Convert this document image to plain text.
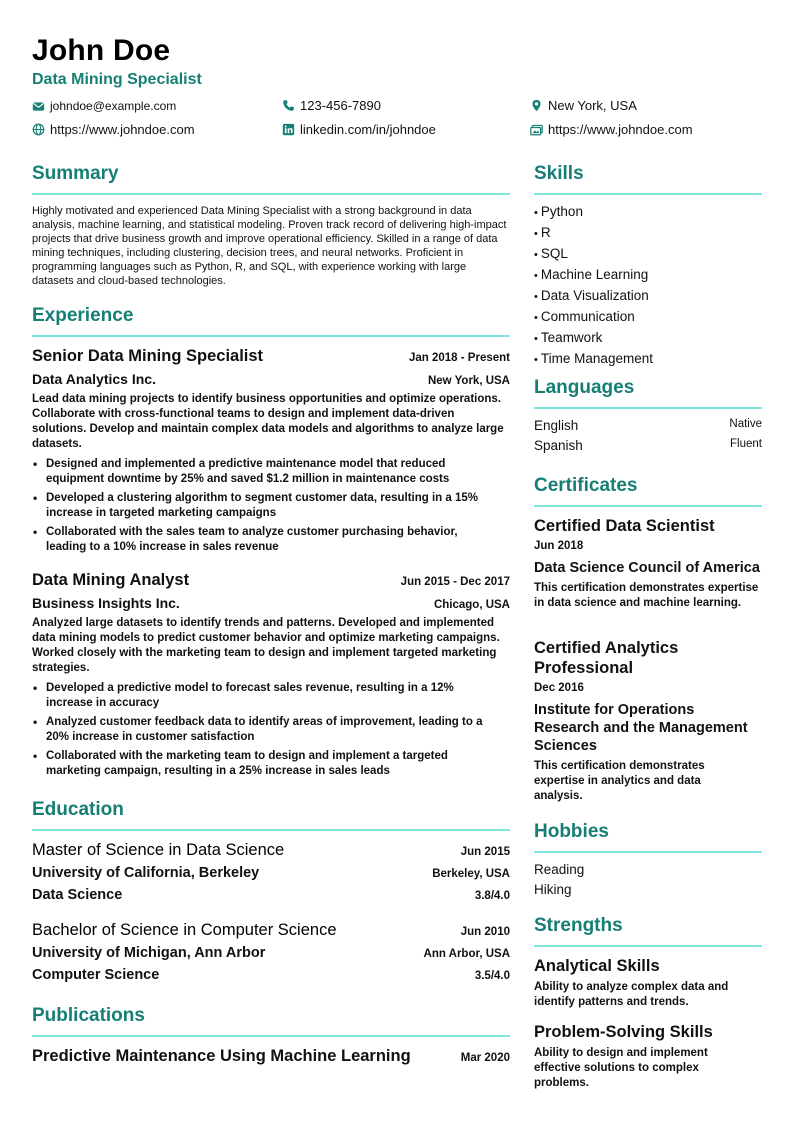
John Doe
Data Mining Specialist
johndoe@example.com	123-456-7890	New York, USA
https://www.johndoe.com	linkedin.com/in/johndoe	https://www.johndoe.com
Summary
Highly motivated and experienced Data Mining Specialist with a strong background in data analysis, machine learning, and statistical modeling. Proven track record of delivering high-impact projects that drive business growth and improve operational efficiency. Skilled in a range of data mining techniques, including clustering, decision trees, and neural networks. Proficient in programming languages such as Python, R, and SQL, with experience working with large datasets and cloud-based technologies.
Experience
Senior Data Mining Specialist	Jan 2018 - Present
Data Analytics Inc.	New York, USA
Lead data mining projects to identify business opportunities and optimize operations. Collaborate with cross-functional teams to design and implement data-driven solutions. Develop and maintain complex data models and algorithms to analyze large datasets.
• Designed and implemented a predictive maintenance model that reduced equipment downtime by 25% and saved $1.2 million in maintenance costs
• Developed a clustering algorithm to segment customer data, resulting in a 15% increase in targeted marketing campaigns
• Collaborated with the sales team to analyze customer purchasing behavior, leading to a 10% increase in sales revenue
Data Mining Analyst	Jun 2015 - Dec 2017
Business Insights Inc.	Chicago, USA
Analyzed large datasets to identify trends and patterns. Developed and implemented data mining models to predict customer behavior and optimize marketing campaigns. Worked closely with the marketing team to design and implement targeted marketing strategies.
• Developed a predictive model to forecast sales revenue, resulting in a 12% increase in accuracy
• Analyzed customer feedback data to identify areas of improvement, leading to a 20% increase in customer satisfaction
• Collaborated with the marketing team to design and implement a targeted marketing campaign, resulting in a 25% increase in sales leads
Education
Master of Science in Data Science	Jun 2015
University of California, Berkeley	Berkeley, USA
Data Science	3.8/4.0
Bachelor of Science in Computer Science	Jun 2010
University of Michigan, Ann Arbor	Ann Arbor, USA
Computer Science	3.5/4.0
Publications
Predictive Maintenance Using Machine Learning	Mar 2020
Skills
• Python
• R
• SQL
• Machine Learning
• Data Visualization
• Communication
• Teamwork
• Time Management
Languages
English	Native
Spanish	Fluent
Certificates
Certified Data Scientist
Jun 2018
Data Science Council of America
This certification demonstrates expertise in data science and machine learning.
Certified Analytics Professional
Dec 2016
Institute for Operations Research and the Management Sciences
This certification demonstrates expertise in analytics and data analysis.
Hobbies
Reading
Hiking
Strengths
Analytical Skills
Ability to analyze complex data and identify patterns and trends.
Problem-Solving Skills
Ability to design and implement effective solutions to complex problems.
